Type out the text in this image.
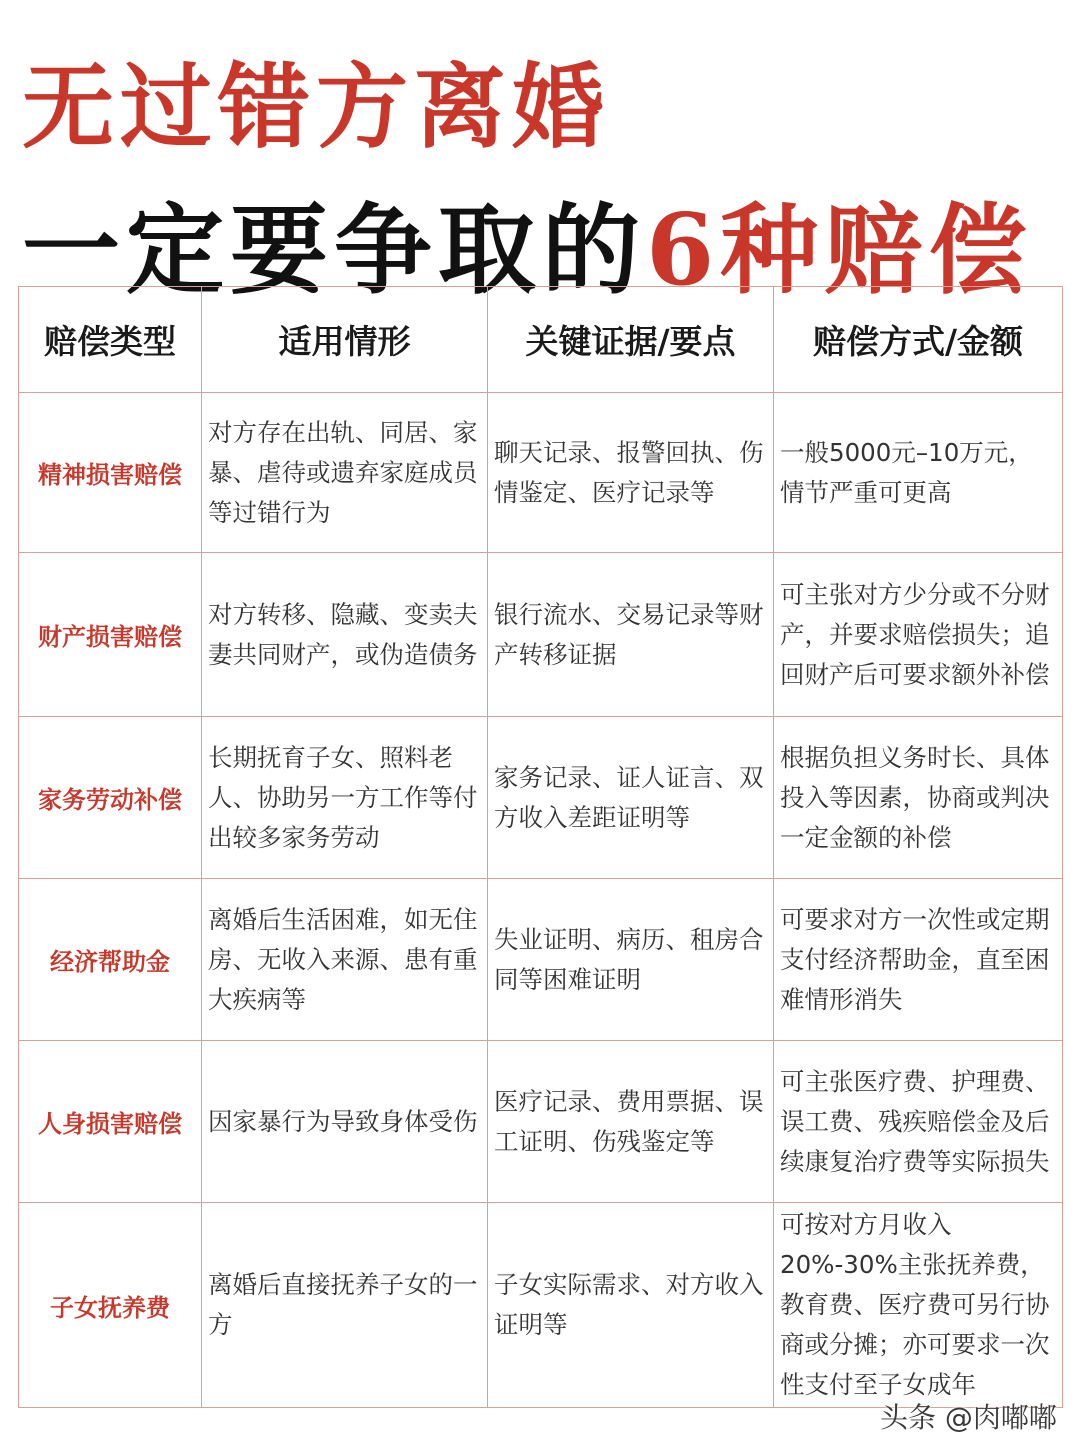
无过错方离婚
一定要争取的6种赔偿
赔偿类型	适用情形	关键证据/要点	赔偿方式/金额
精神损害赔偿	对方存在出轨、同居、家暴、虐待或遗弃家庭成员等过错行为	聊天记录、报警回执、伤情鉴定、医疗记录等	一般5000元–10万元，情节严重可更高
财产损害赔偿	对方转移、隐藏、变卖夫妻共同财产，或伪造债务	银行流水、交易记录等财产转移证据	可主张对方少分或不分财产，并要求赔偿损失；追回财产后可要求额外补偿
家务劳动补偿	长期抚育子女、照料老人、协助另一方工作等付出较多家务劳动	家务记录、证人证言、双方收入差距证明等	根据负担义务时长、具体投入等因素，协商或判决一定金额的补偿
经济帮助金	离婚后生活困难，如无住房、无收入来源、患有重大疾病等	失业证明、病历、租房合同等困难证明	可要求对方一次性或定期支付经济帮助金，直至困难情形消失
人身损害赔偿	因家暴行为导致身体受伤	医疗记录、费用票据、误工证明、伤残鉴定等	可主张医疗费、护理费、误工费、残疾赔偿金及后续康复治疗费等实际损失
子女抚养费	离婚后直接抚养子女的一方	子女实际需求、对方收入证明等	可按对方月收入20%-30%主张抚养费，教育费、医疗费可另行协商或分摊；亦可要求一次性支付至子女成年
头条 @肉嘟嘟
